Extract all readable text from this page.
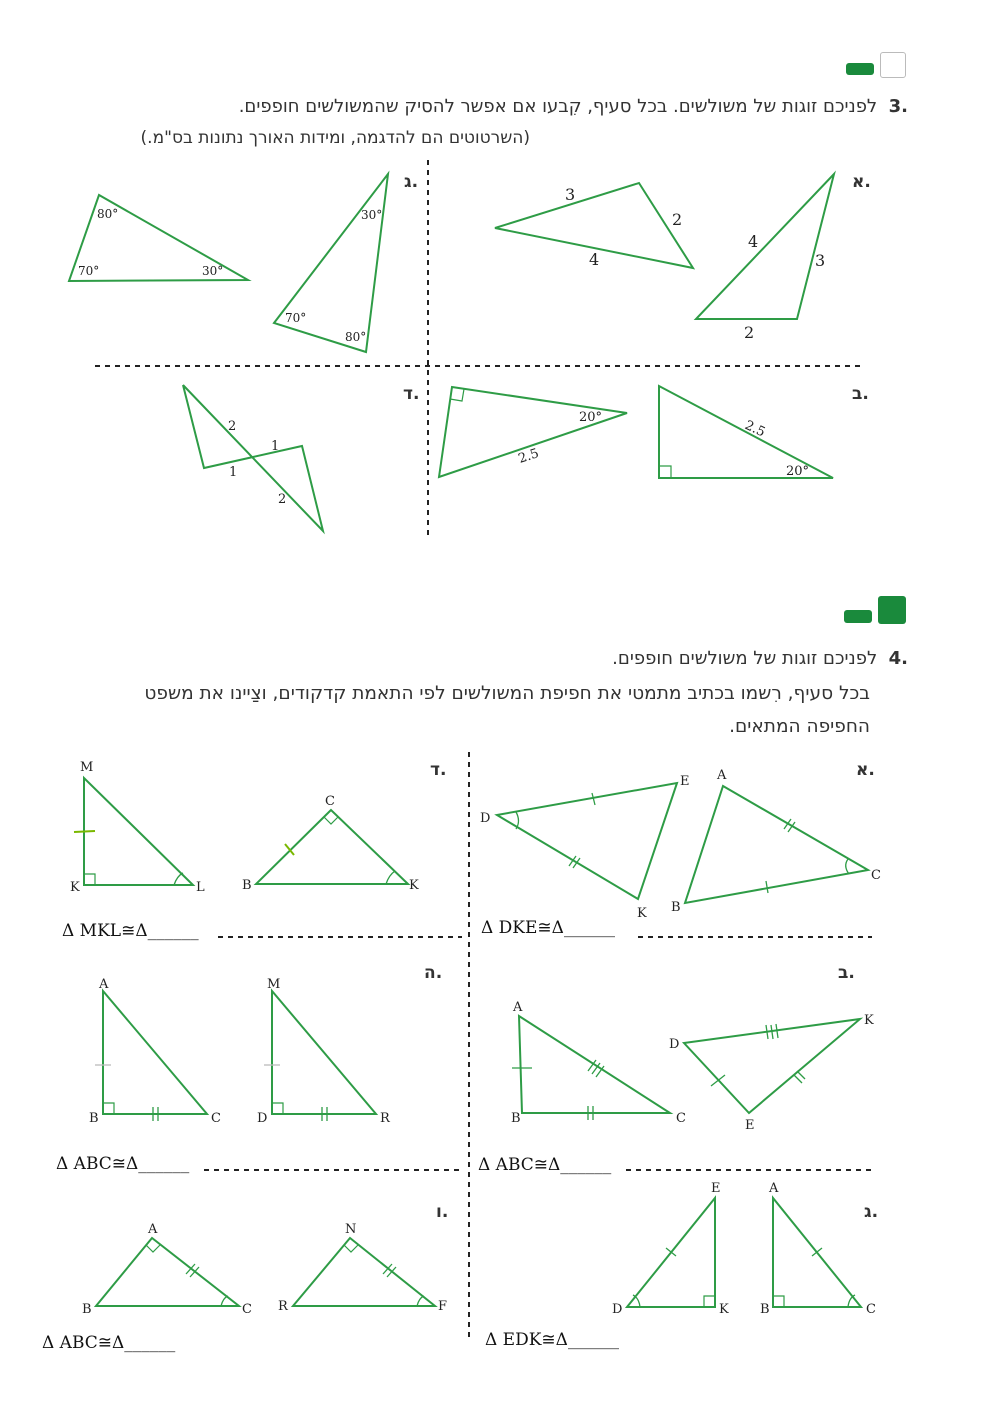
.3  לפניכם זוגות של משולשים. בכל סעיף, קִבעו אם אפשר להסיק שהמשולשים חופפים.
(השרטוטים הם להדגמה, ומידות האורך נתונות בס"מ.)
א.
ג.
ב.
ד.
.4  לפניכם זוגות של משולשים חופפים.
בכל סעיף, רִשמו בכתיב מתמטי את חפיפת המשולשים לפי התאמת קדקודים, וצַיינו את משפט
החפיפה המתאים.
א.
ד.
ב.
ה.
ג.
ו.
Δ DKE≅Δ______
Δ MKL≅Δ______
Δ ABC≅Δ______
Δ ABC≅Δ______
Δ EDK≅Δ______
Δ ABC≅Δ______
4
3
2
3
2
4
30°
70°
80°
80°
70°	30°
2.5
20°
20°
2.5
2
1
1
2
D
E
K
A
B
C
M
K	L
C
B	K
A
B	C
D
K
E
A
B	C
M
D	R
E
D	K
A
B	C
A
B	C
N
R	F
